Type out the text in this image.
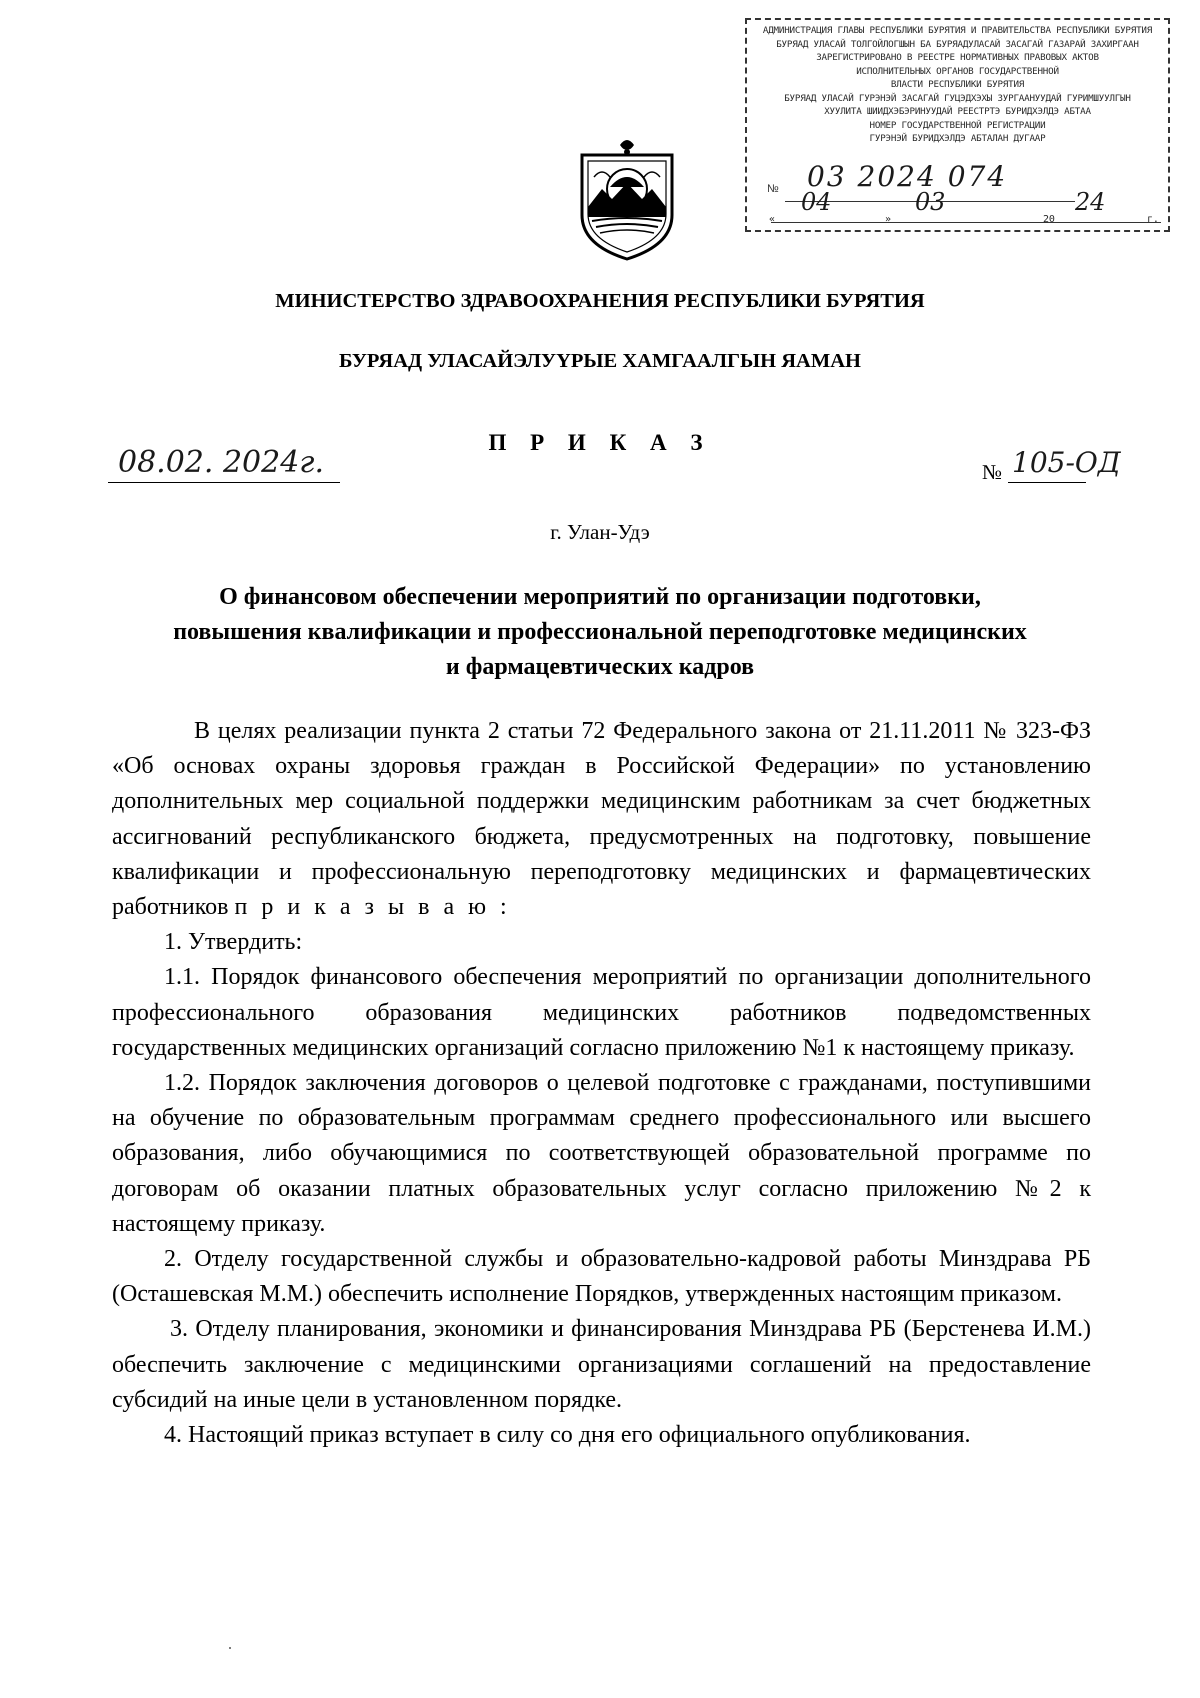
АДМИНИСТРАЦИЯ ГЛАВЫ РЕСПУБЛИКИ БУРЯТИЯ И ПРАВИТЕЛЬСТВА РЕСПУБЛИКИ БУРЯТИЯ
БУРЯАД УЛАСАЙ ТОЛГОЙЛОГШЫН БА БУРЯАДУЛАСАЙ ЗАСАГАЙ ГАЗАРАЙ ЗАХИРГААН
ЗАРЕГИСТРИРОВАНО В РЕЕСТРЕ НОРМАТИВНЫХ ПРАВОВЫХ АКТОВ
ИСПОЛНИТЕЛЬНЫХ ОРГАНОВ ГОСУДАРСТВЕННОЙ
ВЛАСТИ РЕСПУБЛИКИ БУРЯТИЯ
БУРЯАД УЛАСАЙ ГУРЭНЭЙ ЗАСАГАЙ ГУЦЭДХЭХЫ ЗУРГААНУУДАЙ ГУРИМШУУЛГЫН
ХУУЛИТА ШИИДХЭБЭРИНУУДАЙ РЕЕСТРТЭ БУРИДХЭЛДЭ АБТАА
НОМЕР ГОСУДАРСТВЕННОЙ РЕГИСТРАЦИИ
ГУРЭНЭЙ БУРИДХЭЛДЭ АБТАЛАН ДУГААР
№ 03 2024 074
«
04
»
03
20
24
г.
МИНИСТЕРСТВО ЗДРАВООХРАНЕНИЯ РЕСПУБЛИКИ БУРЯТИЯ
БУРЯАД УЛАСАЙЭЛУҮРЫЕ ХАМГААЛГЫН ЯАМАН
П Р И К А З
08.02. 2024г.	№ 105-ОД
г. Улан-Удэ
О финансовом обеспечении мероприятий по организации подготовки,
повышения квалификации и профессиональной переподготовке медицинских
и фармацевтических кадров

В целях реализации пункта 2 статьи 72 Федерального закона от 21.11.2011 № 323-ФЗ «Об основах охраны здоровья граждан в Российской Федерации» по установлению дополнительных мер социальной поддержки медицинским работникам за счет бюджетных ассигнований республиканского бюджета, предусмотренных на подготовку, повышение квалификации и профессиональную переподготовку медицинских и фармацевтических работников п р и к а з ы в а ю :

1. Утвердить:

1.1. Порядок финансового обеспечения мероприятий по организации дополнительного профессионального образования медицинских работников подведомственных государственных медицинских организаций согласно приложению №1 к настоящему приказу.

1.2. Порядок заключения договоров о целевой подготовке с гражданами, поступившими на обучение по образовательным программам среднего профессионального или высшего образования, либо обучающимися по соответствующей образовательной программе по договорам об оказании платных образовательных услуг согласно приложению №2 к настоящему приказу.

2. Отделу государственной службы и образовательно-кадровой работы Минздрава РБ (Осташевская М.М.) обеспечить исполнение Порядков, утвержденных настоящим приказом.

3. Отделу планирования, экономики и финансирования Минздрава РБ (Берстенева И.М.) обеспечить заключение с медицинскими организациями соглашений на предоставление субсидий на иные цели в установленном порядке.

4. Настоящий приказ вступает в силу со дня его официального опубликования.
